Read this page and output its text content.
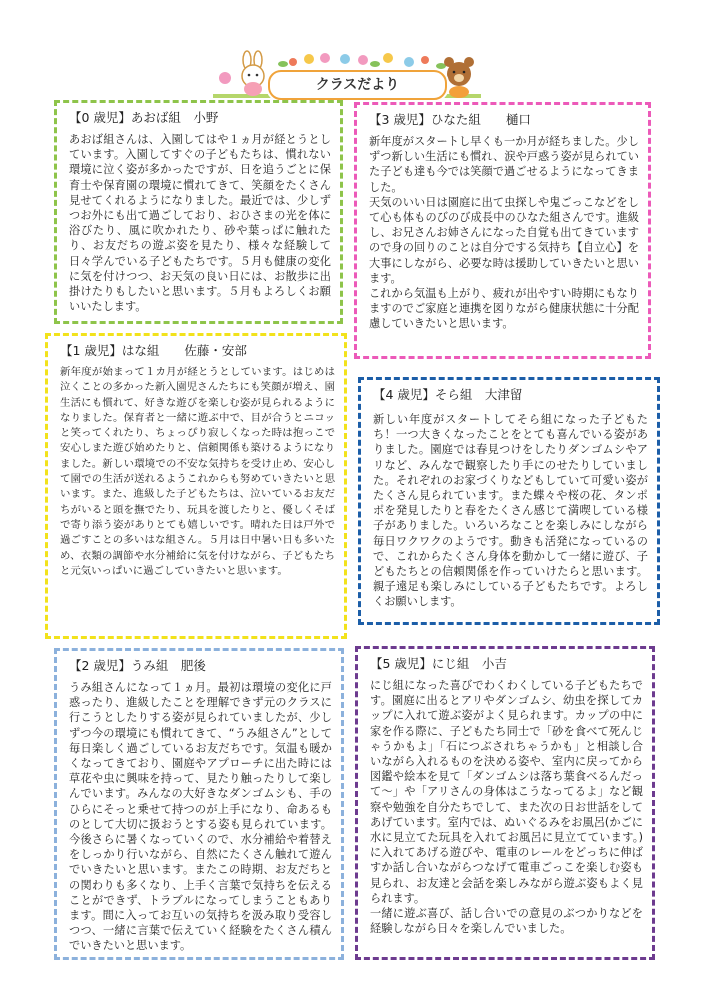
クラスだより

【0 歳児】あおば組　小野

あおば組さんは、入園してはや１ヵ月が経とうとしています。入園してすぐの子どもたちは、慣れない環境に泣く姿が多かったですが、日を追うごとに保育士や保育園の環境に慣れてきて、笑顔をたくさん見せてくれるようになりました。最近では、少しずつお外にも出て過ごしており、おひさまの光を体に浴びたり、風に吹かれたり、砂や葉っぱに触れたり、お友だちの遊ぶ姿を見たり、様々な経験して日々学んでいる子どもたちです。５月も健康の変化に気を付けつつ、お天気の良い日には、お散歩に出掛けたりもしたいと思います。５月もよろしくお願いいたします。

【1 歳児】はな組　　佐藤・安部

新年度が始まって１カ月が経とうとしています。はじめは泣くことの多かった新入園児さんたちにも笑顔が増え、園生活にも慣れて、好きな遊びを楽しむ姿が見られるようになりました。保育者と一緒に遊ぶ中で、目が合うとニコッと笑ってくれたり、ちょっぴり寂しくなった時は抱っこで安心しまた遊び始めたりと、信頼関係も築けるようになりました。新しい環境での不安な気持ちを受け止め、安心して園での生活が送れるようこれからも努めていきたいと思います。また、進級した子どもたちは、泣いているお友だちがいると頭を撫でたり、玩具を渡したりと、優しくそばで寄り添う姿がありとても嬉しいです。晴れた日は戸外で過ごすことの多いはな組さん。５月は日中暑い日も多いため、衣類の調節や水分補給に気を付けながら、子どもたちと元気いっぱいに過ごしていきたいと思います。

【2 歳児】うみ組　肥後

うみ組さんになって１ヵ月。最初は環境の変化に戸惑ったり、進級したことを理解できず元のクラスに行こうとしたりする姿が見られていましたが、少しずつ今の環境にも慣れてきて、“うみ組さん”として毎日楽しく過ごしているお友だちです。気温も暖かくなってきており、園庭やアプローチに出た時には草花や虫に興味を持って、見たり触ったりして楽しんでいます。みんなの大好きなダンゴムシも、手のひらにそっと乗せて持つのが上手になり、命あるものとして大切に扱おうとする姿も見られています。今後さらに暑くなっていくので、水分補給や着替えをしっかり行いながら、自然にたくさん触れて遊んでいきたいと思います。またこの時期、お友だちとの関わりも多くなり、上手く言葉で気持ちを伝えることができず、トラブルになってしまうこともあります。間に入ってお互いの気持ちを汲み取り受容しつつ、一緒に言葉で伝えていく経験をたくさん積んでいきたいと思います。

【3 歳児】ひなた組　　樋口

新年度がスタートし早くも一か月が経ちました。少しずつ新しい生活にも慣れ、涙や戸惑う姿が見られていた子ども達も今では笑顔で過ごせるようになってきました。
天気のいい日は園庭に出て虫探しや鬼ごっこなどをして心も体ものびのび成長中のひなた組さんです。進級し、お兄さんお姉さんになった自覚も出てきていますので身の回りのことは自分でする気持ち【自立心】を大事にしながら、必要な時は援助していきたいと思います。
これから気温も上がり、疲れが出やすい時期にもなりますのでご家庭と連携を図りながら健康状態に十分配慮していきたいと思います。

【4 歳児】そら組　大津留

新しい年度がスタートしてそら組になった子どもたち！一つ大きくなったことをとても喜んでいる姿がありました。園庭では春見つけをしたりダンゴムシやアリなど、みんなで観察したり手にのせたりしていました。それぞれのお家づくりなどもしていて可愛い姿がたくさん見られています。また蝶々や桜の花、タンポポを発見したりと春をたくさん感じて満喫している様子がありました。いろいろなことを楽しみにしながら毎日ワクワクのようです。動きも活発になっているので、これからたくさん身体を動かして一緒に遊び、子どもたちとの信頼関係を作っていけたらと思います。親子遠足も楽しみにしている子どもたちです。よろしくお願いします。

【5 歳児】にじ組　小吉

にじ組になった喜びでわくわくしている子どもたちです。園庭に出るとアリやダンゴムシ、幼虫を探してカップに入れて遊ぶ姿がよく見られます。カップの中に家を作る際に、子どもたち同士で「砂を食べて死んじゃうかもよ」「石につぶされちゃうかも」と相談し合いながら入れるものを決める姿や、室内に戻ってから図鑑や絵本を見て「ダンゴムシは落ち葉食べるんだって～」や「アリさんの身体はこうなってるよ」など観察や勉強を自分たちでして、また次の日お世話をしてあげています。室内では、ぬいぐるみをお風呂(かごに水に見立てた玩具を入れてお風呂に見立てています。)に入れてあげる遊びや、電車のレールをどっちに伸ばすか話し合いながらつなげて電車ごっこを楽しむ姿も見られ、お友達と会話を楽しみながら遊ぶ姿もよく見られます。
一緒に遊ぶ喜び、話し合いでの意見のぶつかりなどを経験しながら日々を楽しんでいました。
